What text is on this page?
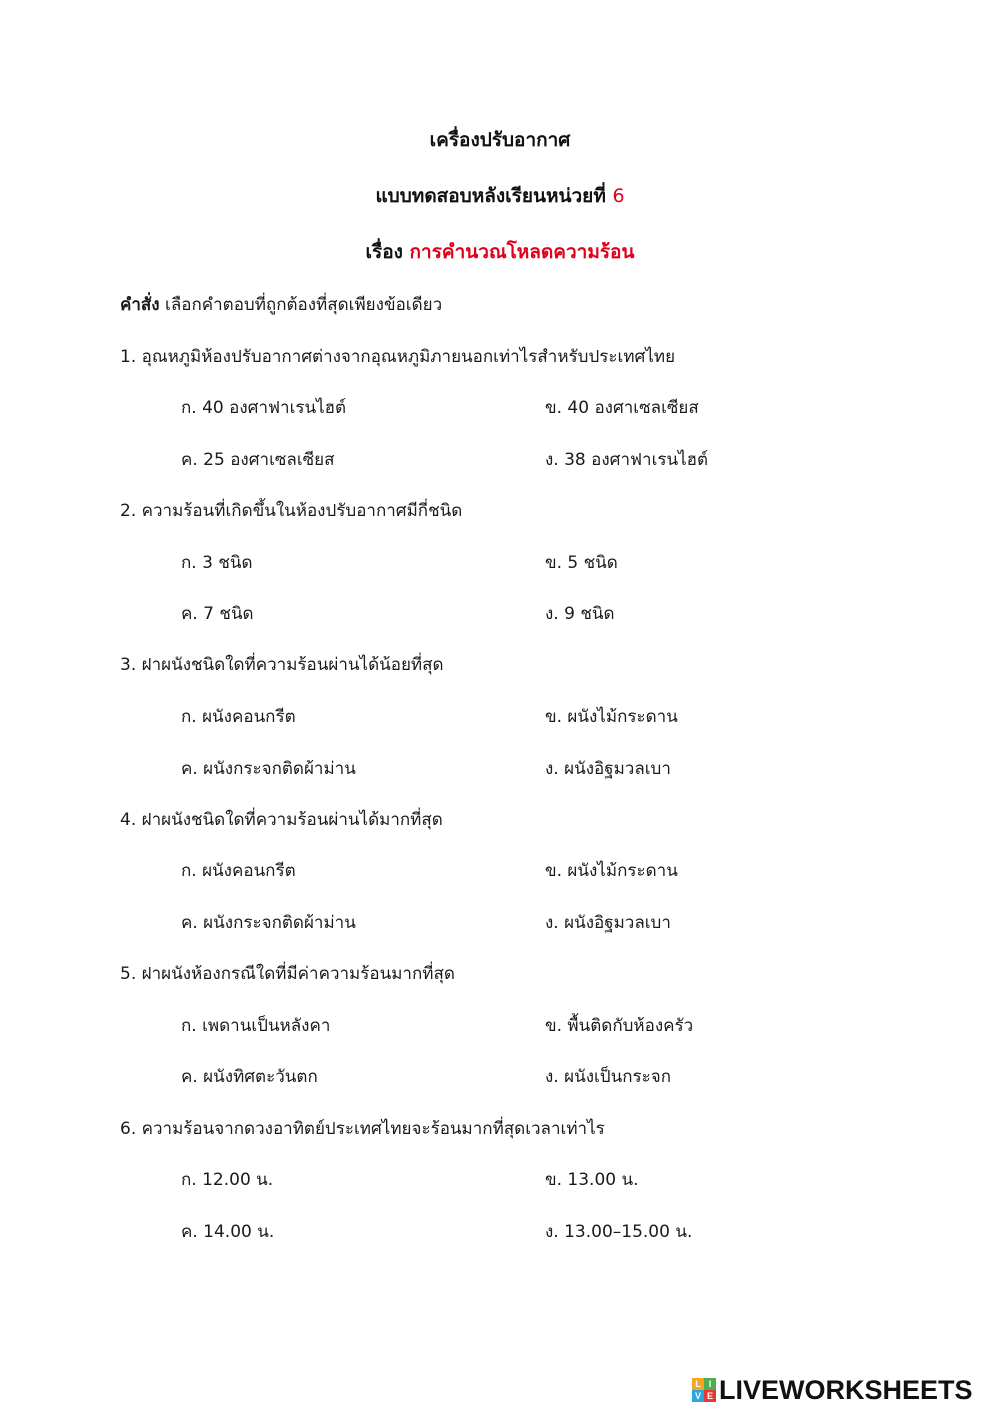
เครื่องปรับอากาศ
แบบทดสอบหลังเรียนหน่วยที่ 6
เรื่อง การคำนวณโหลดความร้อน
คำสั่ง เลือกคำตอบที่ถูกต้องที่สุดเพียงข้อเดียว
1. อุณหภูมิห้องปรับอากาศต่างจากอุณหภูมิภายนอกเท่าไรสำหรับประเทศไทย
ก. 40 องศาฟาเรนไฮต์	ข. 40 องศาเซลเซียส
ค. 25 องศาเซลเซียส	ง. 38 องศาฟาเรนไฮต์
2. ความร้อนที่เกิดขึ้นในห้องปรับอากาศมีกี่ชนิด
ก. 3 ชนิด	ข. 5 ชนิด
ค. 7 ชนิด	ง. 9 ชนิด
3. ฝาผนังชนิดใดที่ความร้อนผ่านได้น้อยที่สุด
ก. ผนังคอนกรีต	ข. ผนังไม้กระดาน
ค. ผนังกระจกติดผ้าม่าน	ง. ผนังอิฐมวลเบา
4. ฝาผนังชนิดใดที่ความร้อนผ่านได้มากที่สุด
ก. ผนังคอนกรีต	ข. ผนังไม้กระดาน
ค. ผนังกระจกติดผ้าม่าน	ง. ผนังอิฐมวลเบา
5. ฝาผนังห้องกรณีใดที่มีค่าความร้อนมากที่สุด
ก. เพดานเป็นหลังคา	ข. พื้นติดกับห้องครัว
ค. ผนังทิศตะวันตก	ง. ผนังเป็นกระจก
6. ความร้อนจากดวงอาทิตย์ประเทศไทยจะร้อนมากที่สุดเวลาเท่าไร
ก. 12.00 น.	ข. 13.00 น.
ค. 14.00 น.	ง. 13.00–15.00 น.
L I
V E LIVEWORKSHEETS
